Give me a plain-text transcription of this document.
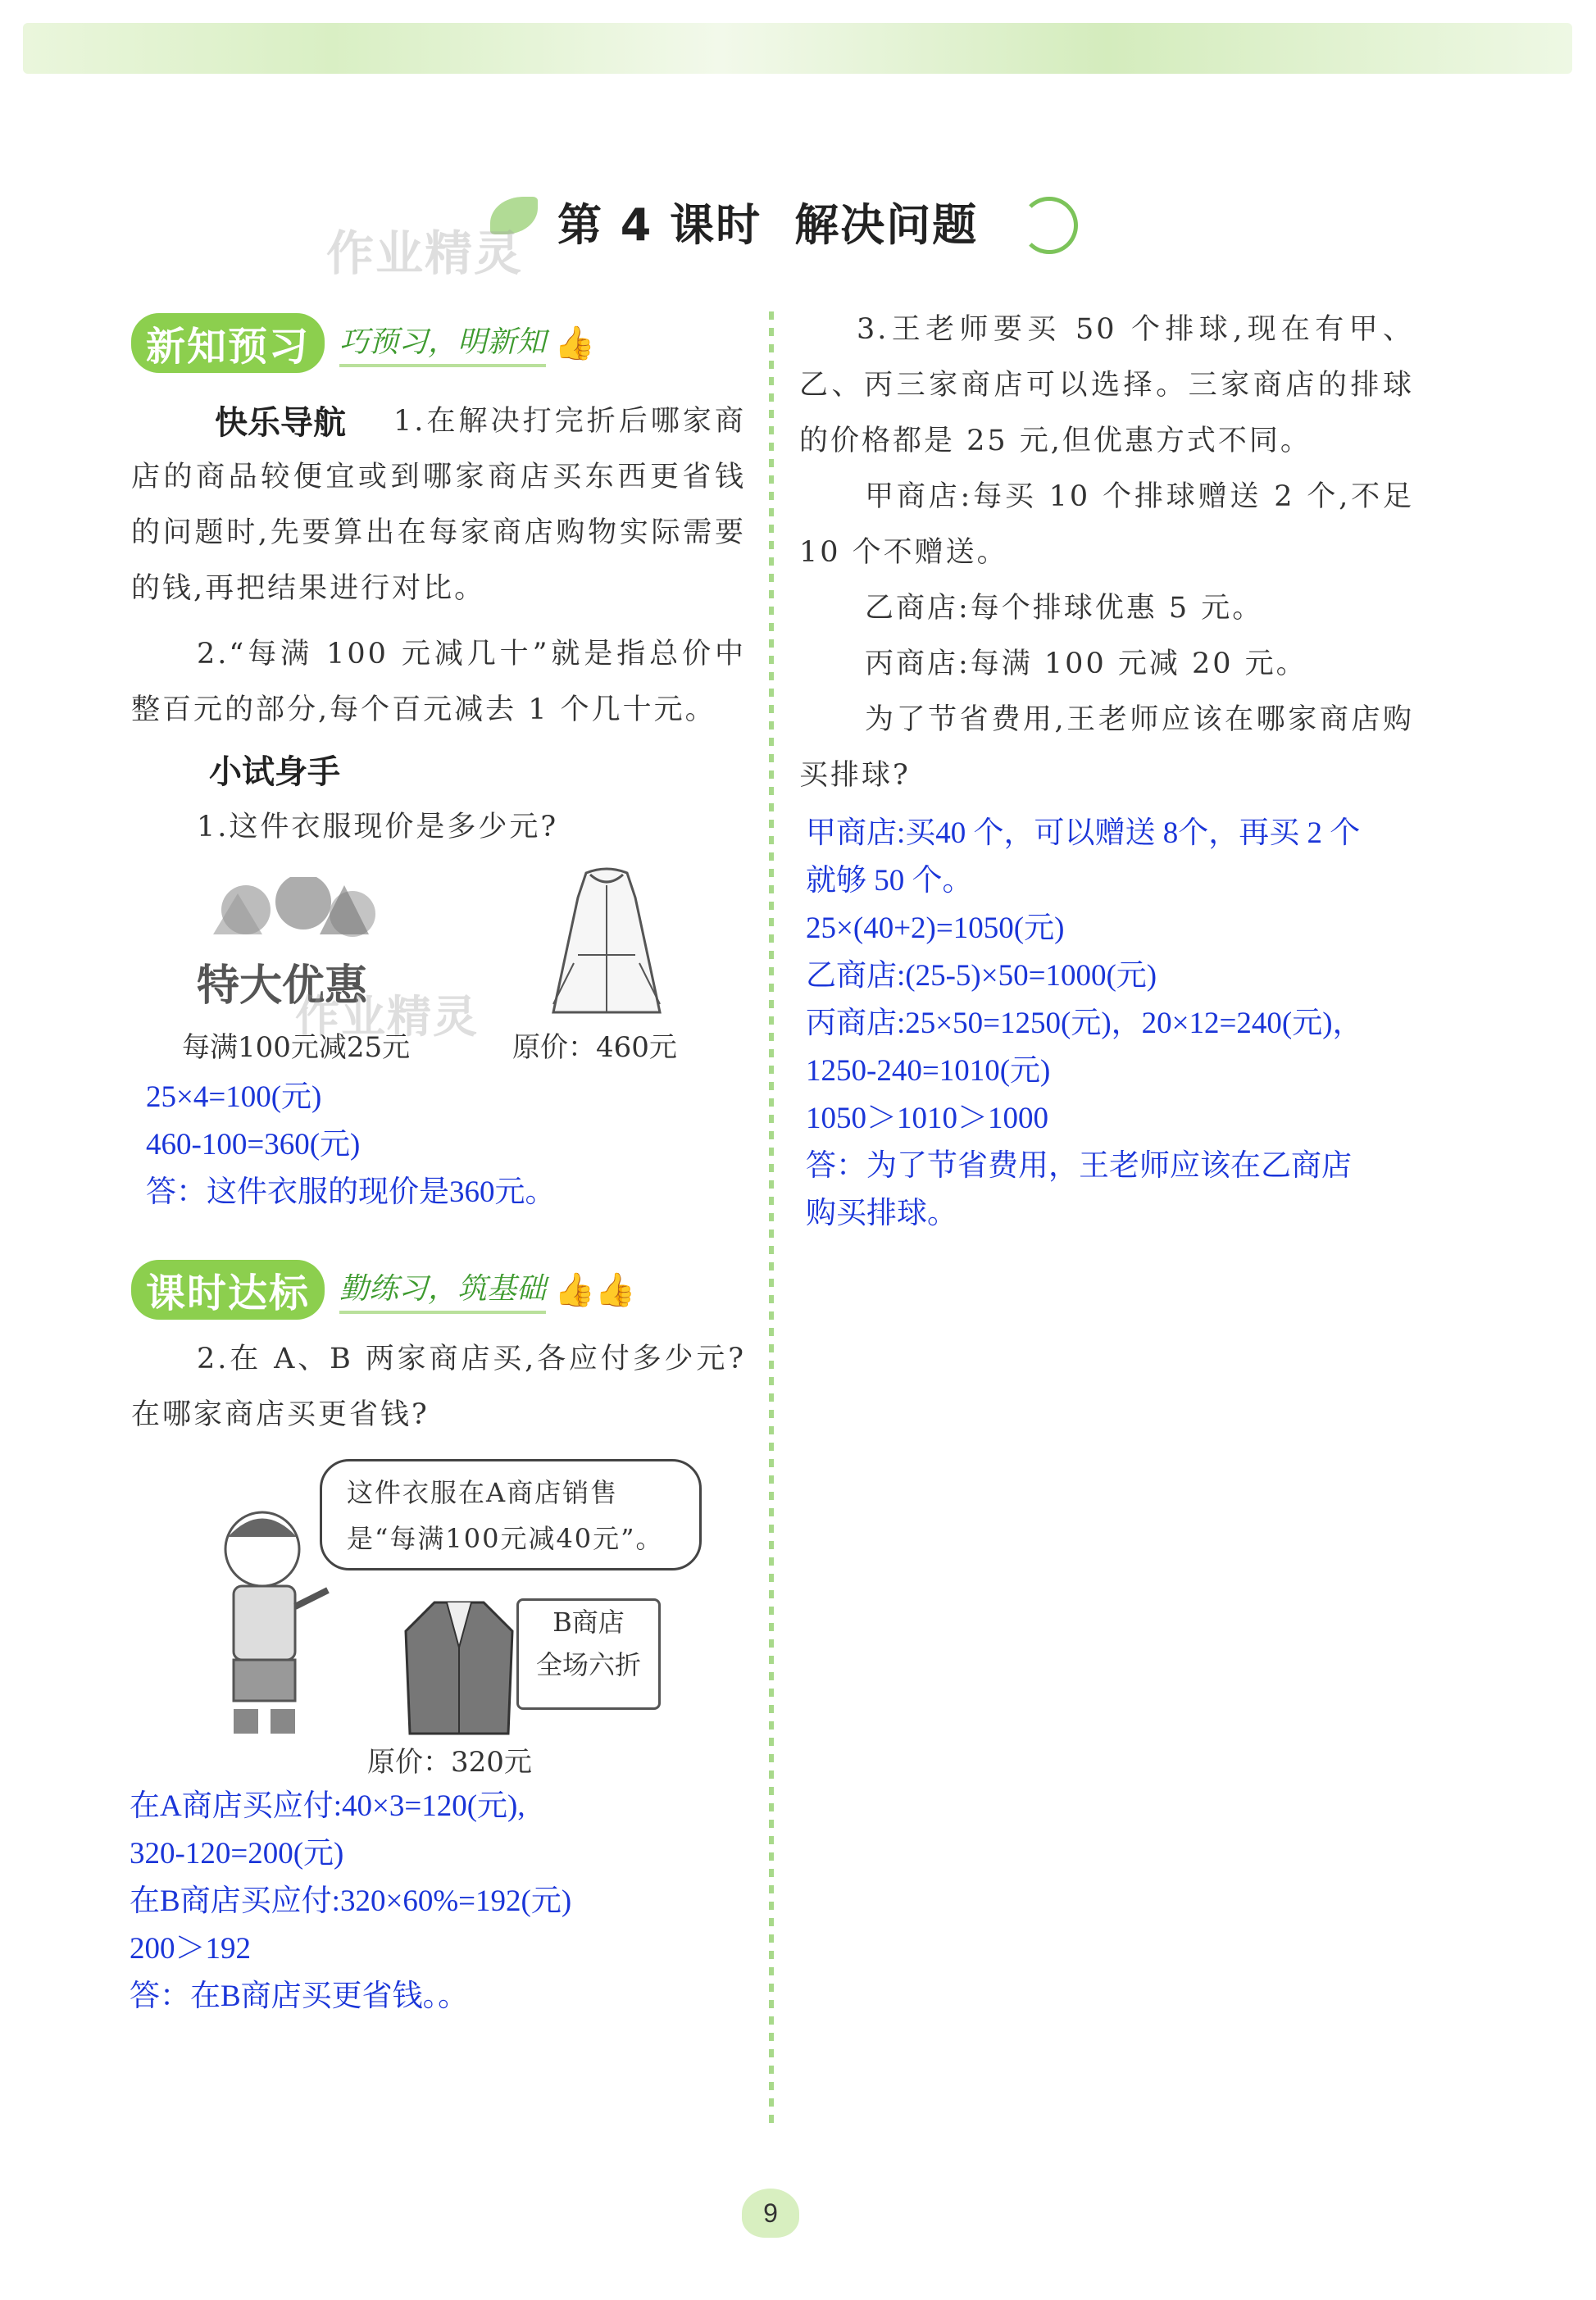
第 4 课时 解决问题
作业精灵
新知预习	巧预习，明新知 👍
快乐导航	1.在解决打完折后哪家商店的商品较便宜或到哪家商店买东西更省钱的问题时,先要算出在每家商店购物实际需要的钱,再把结果进行对比。
2.“每满 100 元减几十”就是指总价中整百元的部分,每个百元减去 1 个几十元。
小试身手
1.这件衣服现价是多少元?
特大优惠
作业精灵
每满100元减25元	原价：460元
25×4=100(元)
460-100=360(元)
答：这件衣服的现价是360元。
课时达标	勤练习，筑基础 👍👍
2.在 A、B 两家商店买,各应付多少元?在哪家商店买更省钱?
这件衣服在A商店销售是“每满100元减40元”。
B商店
全场六折
原价：320元
在A商店买应付:40×3=120(元),
320-120=200(元)
在B商店买应付:320×60%=192(元)
200＞192
答：在B商店买更省钱。。
3.王老师要买 50 个排球,现在有甲、乙、丙三家商店可以选择。三家商店的排球的价格都是 25 元,但优惠方式不同。
甲商店:每买 10 个排球赠送 2 个,不足 10 个不赠送。
乙商店:每个排球优惠 5 元。
丙商店:每满 100 元减 20 元。
为了节省费用,王老师应该在哪家商店购买排球?
甲商店:买40 个，可以赠送 8个，再买 2 个
就够 50 个。
25×(40+2)=1050(元)
乙商店:(25-5)×50=1000(元)
丙商店:25×50=1250(元)，20×12=240(元)，
1250-240=1010(元)
1050＞1010＞1000
答：为了节省费用，王老师应该在乙商店
购买排球。
9
